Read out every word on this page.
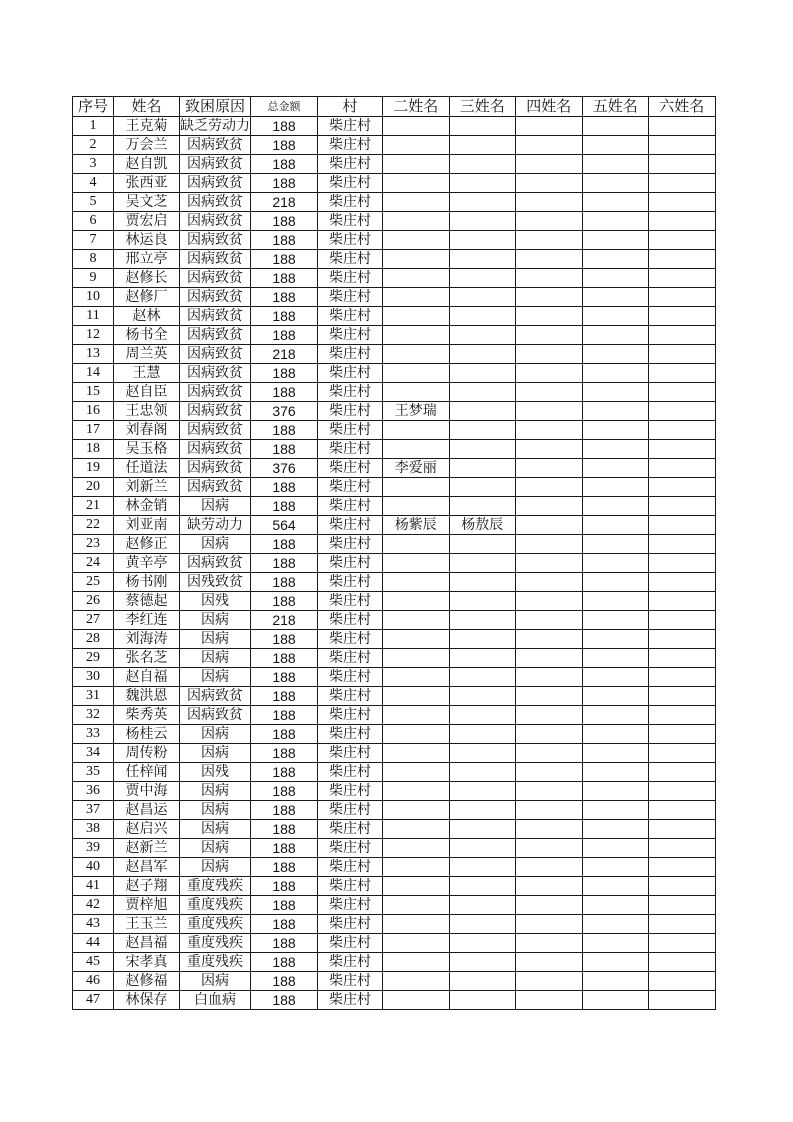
序号	姓名	致困原因	总金额	村	二姓名	三姓名	四姓名	五姓名	六姓名
1	王克菊	缺乏劳动力	188	柴庄村					
2	万会兰	因病致贫	188	柴庄村					
3	赵自凯	因病致贫	188	柴庄村					
4	张西亚	因病致贫	188	柴庄村					
5	吴文芝	因病致贫	218	柴庄村					
6	贾宏启	因病致贫	188	柴庄村					
7	林运良	因病致贫	188	柴庄村					
8	邢立亭	因病致贫	188	柴庄村					
9	赵修长	因病致贫	188	柴庄村					
10	赵修厂	因病致贫	188	柴庄村					
11	赵林	因病致贫	188	柴庄村					
12	杨书全	因病致贫	188	柴庄村					
13	周兰英	因病致贫	218	柴庄村					
14	王慧	因病致贫	188	柴庄村					
15	赵自臣	因病致贫	188	柴庄村					
16	王忠领	因病致贫	376	柴庄村	王梦瑞				
17	刘春阁	因病致贫	188	柴庄村					
18	吴玉格	因病致贫	188	柴庄村					
19	任道法	因病致贫	376	柴庄村	李爱丽				
20	刘新兰	因病致贫	188	柴庄村					
21	林金销	因病	188	柴庄村					
22	刘亚南	缺劳动力	564	柴庄村	杨紫辰	杨敖辰			
23	赵修正	因病	188	柴庄村					
24	黄辛亭	因病致贫	188	柴庄村					
25	杨书刚	因残致贫	188	柴庄村					
26	蔡德起	因残	188	柴庄村					
27	李红连	因病	218	柴庄村					
28	刘海涛	因病	188	柴庄村					
29	张名芝	因病	188	柴庄村					
30	赵自福	因病	188	柴庄村					
31	魏洪恩	因病致贫	188	柴庄村					
32	柴秀英	因病致贫	188	柴庄村					
33	杨桂云	因病	188	柴庄村					
34	周传粉	因病	188	柴庄村					
35	任梓闻	因残	188	柴庄村					
36	贾中海	因病	188	柴庄村					
37	赵昌运	因病	188	柴庄村					
38	赵启兴	因病	188	柴庄村					
39	赵新兰	因病	188	柴庄村					
40	赵昌军	因病	188	柴庄村					
41	赵子翔	重度残疾	188	柴庄村					
42	贾梓旭	重度残疾	188	柴庄村					
43	王玉兰	重度残疾	188	柴庄村					
44	赵昌福	重度残疾	188	柴庄村					
45	宋孝真	重度残疾	188	柴庄村					
46	赵修福	因病	188	柴庄村					
47	林保存	白血病	188	柴庄村					
